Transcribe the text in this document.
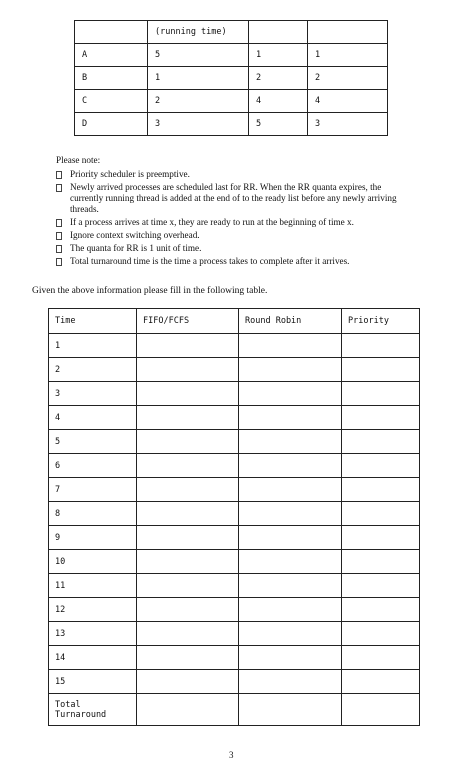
	(running time)		
A	5	1	1
B	1	2	2
C	2	4	4
D	3	5	3
Please note:
Priority scheduler is preemptive.
Newly arrived processes are scheduled last for RR. When the RR quanta expires, the currently running thread is added at the end of to the ready list before any newly arriving threads.
If a process arrives at time x, they are ready to run at the beginning of time x.
Ignore context switching overhead.
The quanta for RR is 1 unit of time.
Total turnaround time is the time a process takes to complete after it arrives.
Given the above information please fill in the following table.
Time	FIFO/FCFS	Round Robin	Priority
1			
2			
3			
4			
5			
6			
7			
8			
9			
10			
11			
12			
13			
14			
15			
Total
Turnaround			
3
